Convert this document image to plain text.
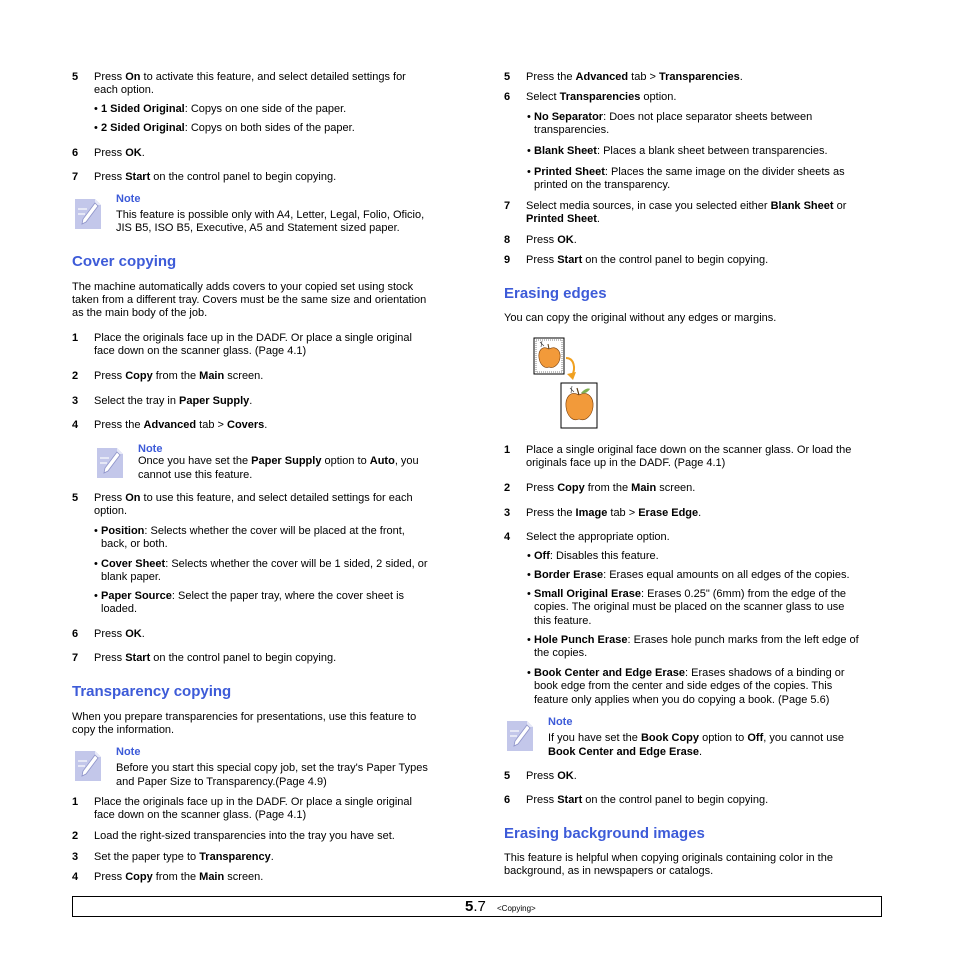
5 Press On to activate this feature, and select detailed settings for
each option.
• 1 Sided Original: Copys on one side of the paper.
• 2 Sided Original: Copys on both sides of the paper.
6 Press OK.
7 Press Start on the control panel to begin copying.
Note
This feature is possible only with A4, Letter, Legal, Folio, Oficio,
JIS B5, ISO B5, Executive, A5 and Statement sized paper.
Cover copying

The machine automatically adds covers to your copied set using stock

taken from a different tray. Covers must be the same size and orientation

as the main body of the job.

1 Place the originals face up in the DADF. Or place a single original
face down on the scanner glass. (Page 4.1)
2 Press Copy from the Main screen.
3 Select the tray in Paper Supply.
4 Press the Advanced tab > Covers.
Note
Once you have set the Paper Supply option to Auto, you
cannot use this feature.
5 Press On to use this feature, and select detailed settings for each
option.
• Position: Selects whether the cover will be placed at the front,
back, or both.
• Cover Sheet: Selects whether the cover will be 1 sided, 2 sided, or
blank paper.
• Paper Source: Select the paper tray, where the cover sheet is
loaded.
6 Press OK.
7 Press Start on the control panel to begin copying.
Transparency copying

When you prepare transparencies for presentations, use this feature to

copy the information.

Note
Before you start this special copy job, set the tray's Paper Types
and Paper Size to Transparency.(Page 4.9)
1 Place the originals face up in the DADF. Or place a single original
face down on the scanner glass. (Page 4.1)
2 Load the right-sized transparencies into the tray you have set.
3 Set the paper type to Transparency.
4 Press Copy from the Main screen.
5 Press the Advanced tab > Transparencies.
6 Select Transparencies option.
• No Separator: Does not place separator sheets between
transparencies.
• Blank Sheet: Places a blank sheet between transparencies.
• Printed Sheet: Places the same image on the divider sheets as
printed on the transparency.
7 Select media sources, in case you selected either Blank Sheet or
Printed Sheet.
8 Press OK.
9 Press Start on the control panel to begin copying.
Erasing edges

You can copy the original without any edges or margins.

1 Place a single original face down on the scanner glass. Or load the
originals face up in the DADF. (Page 4.1)
2 Press Copy from the Main screen.
3 Press the Image tab > Erase Edge.
4 Select the appropriate option.
• Off: Disables this feature.
• Border Erase: Erases equal amounts on all edges of the copies.
• Small Original Erase: Erases 0.25" (6mm) from the edge of the
copies. The original must be placed on the scanner glass to use
this feature.
• Hole Punch Erase: Erases hole punch marks from the left edge of
the copies.
• Book Center and Edge Erase: Erases shadows of a binding or
book edge from the center and side edges of the copies. This
feature only applies when you do copying a book. (Page 5.6)
Note
If you have set the Book Copy option to Off, you cannot use
Book Center and Edge Erase.
5 Press OK.
6 Press Start on the control panel to begin copying.
Erasing background images

This feature is helpful when copying originals containing color in the

background, as in newspapers or catalogs.

5.7 <Copying>
